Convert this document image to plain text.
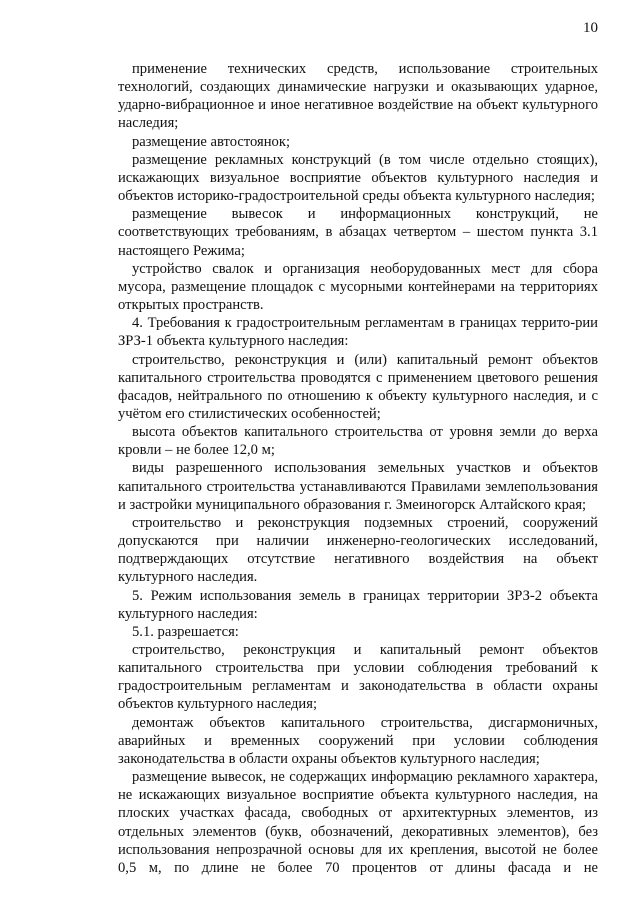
10

применение технических средств, использование строительных технологий, создающих динамические нагрузки и оказывающих ударное, ударно-вибрационное и иное негативное воздействие на объект культурного наследия;

размещение автостоянок;

размещение рекламных конструкций (в том числе отдельно стоящих), искажающих визуальное восприятие объектов культурного наследия и объектов историко-градостроительной среды объекта культурного наследия;

размещение вывесок и информационных конструкций, не соответствующих требованиям, в абзацах четвертом – шестом пункта 3.1 настоящего Режима;

устройство свалок и организация необорудованных мест для сбора мусора, размещение площадок с мусорными контейнерами на территориях открытых пространств.

4. Требования к градостроительным регламентам в границах террито-рии ЗРЗ-1 объекта культурного наследия:

строительство, реконструкция и (или) капитальный ремонт объектов капитального строительства проводятся с применением цветового решения фасадов, нейтрального по отношению к объекту культурного наследия, и с учётом его стилистических особенностей;

высота объектов капитального строительства от уровня земли до верха кровли – не более 12,0 м;

виды разрешенного использования земельных участков и объектов капитального строительства устанавливаются Правилами землепользования и застройки муниципального образования г. Змеиногорск Алтайского края;

строительство и реконструкция подземных строений, сооружений допускаются при наличии инженерно-геологических исследований, подтверждающих отсутствие негативного воздействия на объект культурного наследия.

5. Режим использования земель в границах территории ЗРЗ-2 объекта культурного наследия:

5.1. разрешается:

строительство, реконструкция и капитальный ремонт объектов капитального строительства при условии соблюдения требований к градостроительным регламентам и законодательства в области охраны объектов культурного наследия;

демонтаж объектов капитального строительства, дисгармоничных, аварийных и временных сооружений при условии соблюдения законодательства в области охраны объектов культурного наследия;

размещение вывесок, не содержащих информацию рекламного характера, не искажающих визуальное восприятие объекта культурного наследия, на плоских участках фасада, свободных от архитектурных элементов, из отдельных элементов (букв, обозначений, декоративных элементов), без использования непрозрачной основы для их крепления, высотой не более 0,5 м, по длине не более 70 процентов от длины фасада и не
